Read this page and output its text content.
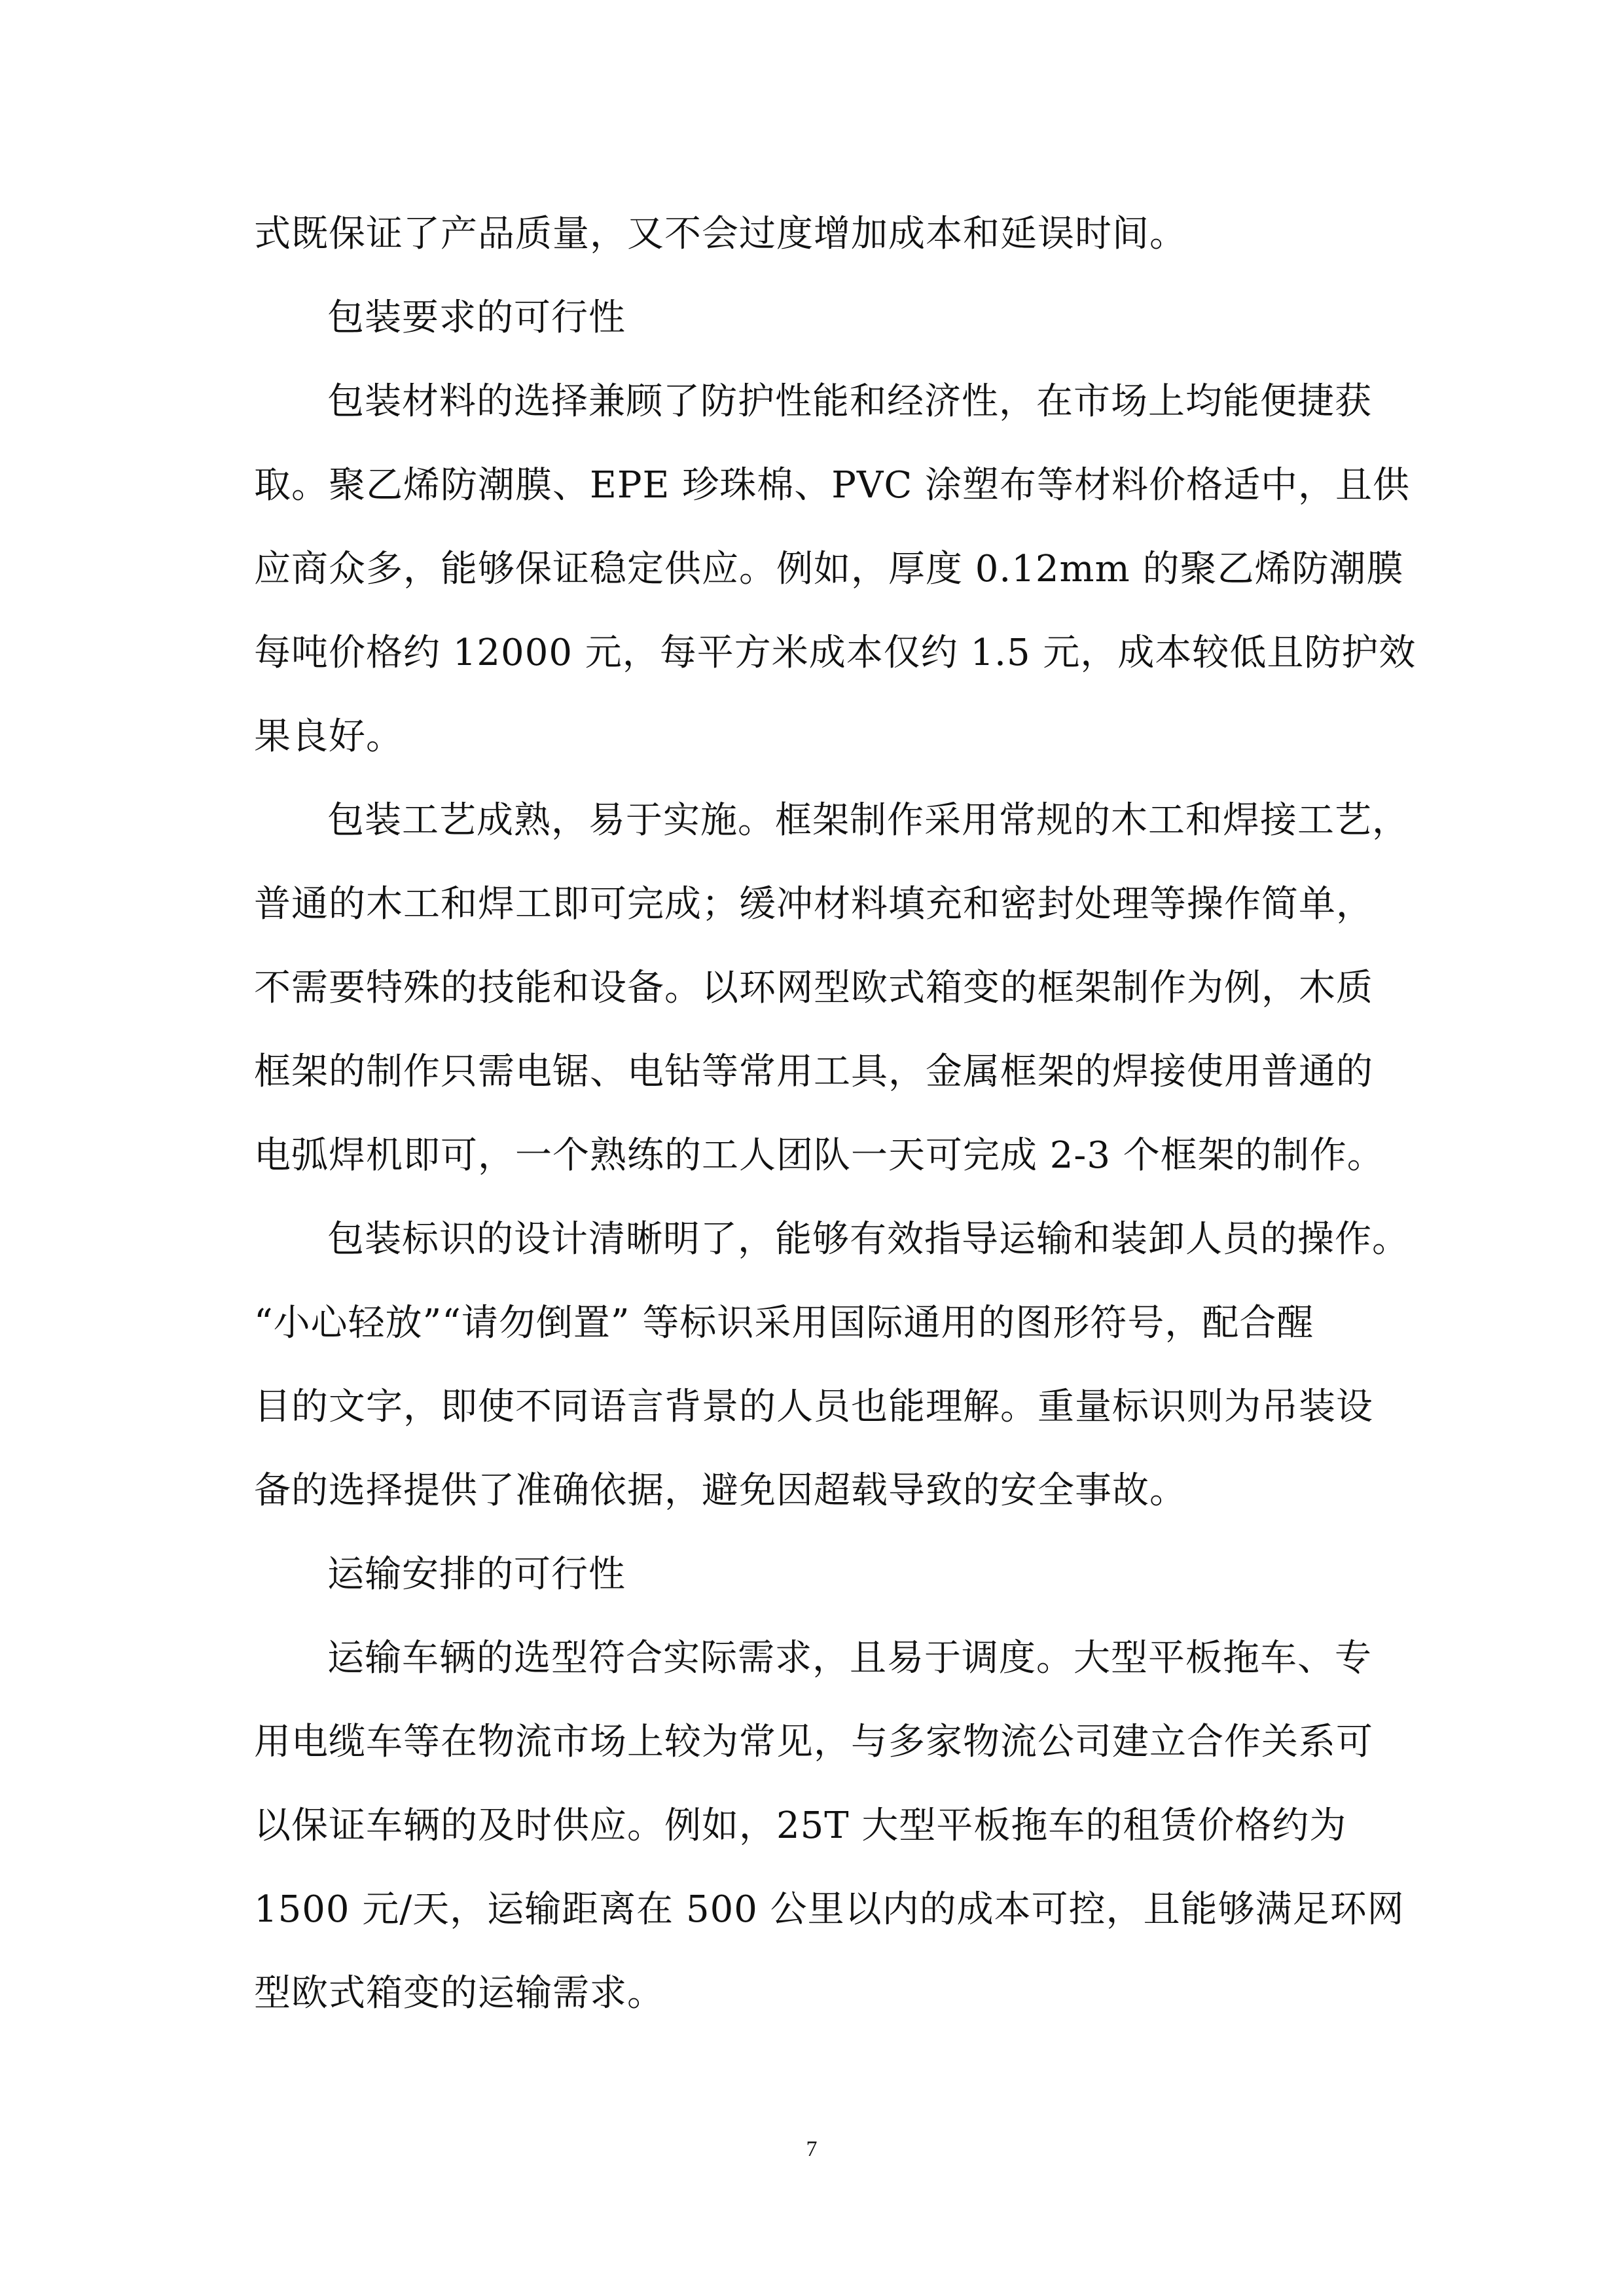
式既保证了产品质量，又不会过度增加成本和延误时间。
包装要求的可行性
包装材料的选择兼顾了防护性能和经济性，在市场上均能便捷获
取。聚乙烯防潮膜、EPE 珍珠棉、PVC 涂塑布等材料价格适中，且供
应商众多，能够保证稳定供应。例如，厚度 0.12mm 的聚乙烯防潮膜
每吨价格约 12000 元，每平方米成本仅约 1.5 元，成本较低且防护效
果良好。
包装工艺成熟，易于实施。框架制作采用常规的木工和焊接工艺，
普通的木工和焊工即可完成；缓冲材料填充和密封处理等操作简单，
不需要特殊的技能和设备。以环网型欧式箱变的框架制作为例，木质
框架的制作只需电锯、电钻等常用工具，金属框架的焊接使用普通的
电弧焊机即可，一个熟练的工人团队一天可完成 2-3 个框架的制作。
包装标识的设计清晰明了，能够有效指导运输和装卸人员的操作。
“小心轻放”“请勿倒置” 等标识采用国际通用的图形符号，配合醒
目的文字，即使不同语言背景的人员也能理解。重量标识则为吊装设
备的选择提供了准确依据，避免因超载导致的安全事故。
运输安排的可行性
运输车辆的选型符合实际需求，且易于调度。大型平板拖车、专
用电缆车等在物流市场上较为常见，与多家物流公司建立合作关系可
以保证车辆的及时供应。例如，25T 大型平板拖车的租赁价格约为
1500 元/天，运输距离在 500 公里以内的成本可控，且能够满足环网
型欧式箱变的运输需求。
7
